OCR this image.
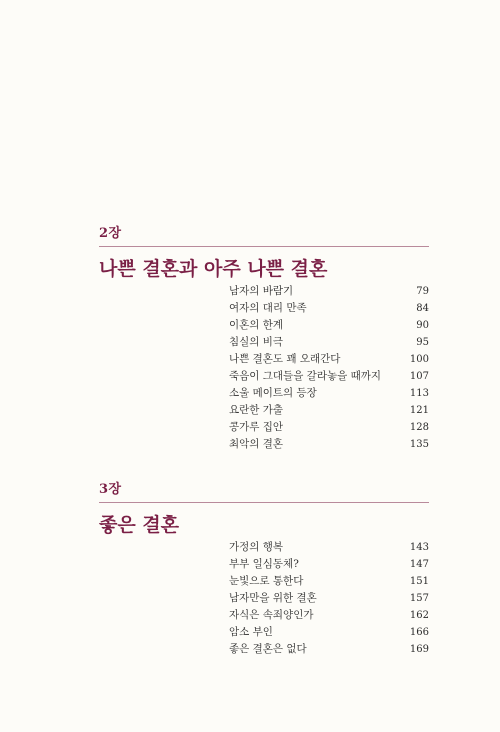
2장

나쁜 결혼과 아주 나쁜 결혼
남자의 바람기	79
여자의 대리 만족	84
이혼의 한계	90
침실의 비극	95
나쁜 결혼도 꽤 오래간다	100
죽음이 그대들을 갈라놓을 때까지	107
소울 메이트의 등장	113
요란한 가출	121
콩가루 집안	128
최악의 결혼	135

3장

좋은 결혼
가정의 행복	143
부부 일심동체?	147
눈빛으로 통한다	151
남자만을 위한 결혼	157
자식은 속죄양인가	162
암소 부인	166
좋은 결혼은 없다	169
